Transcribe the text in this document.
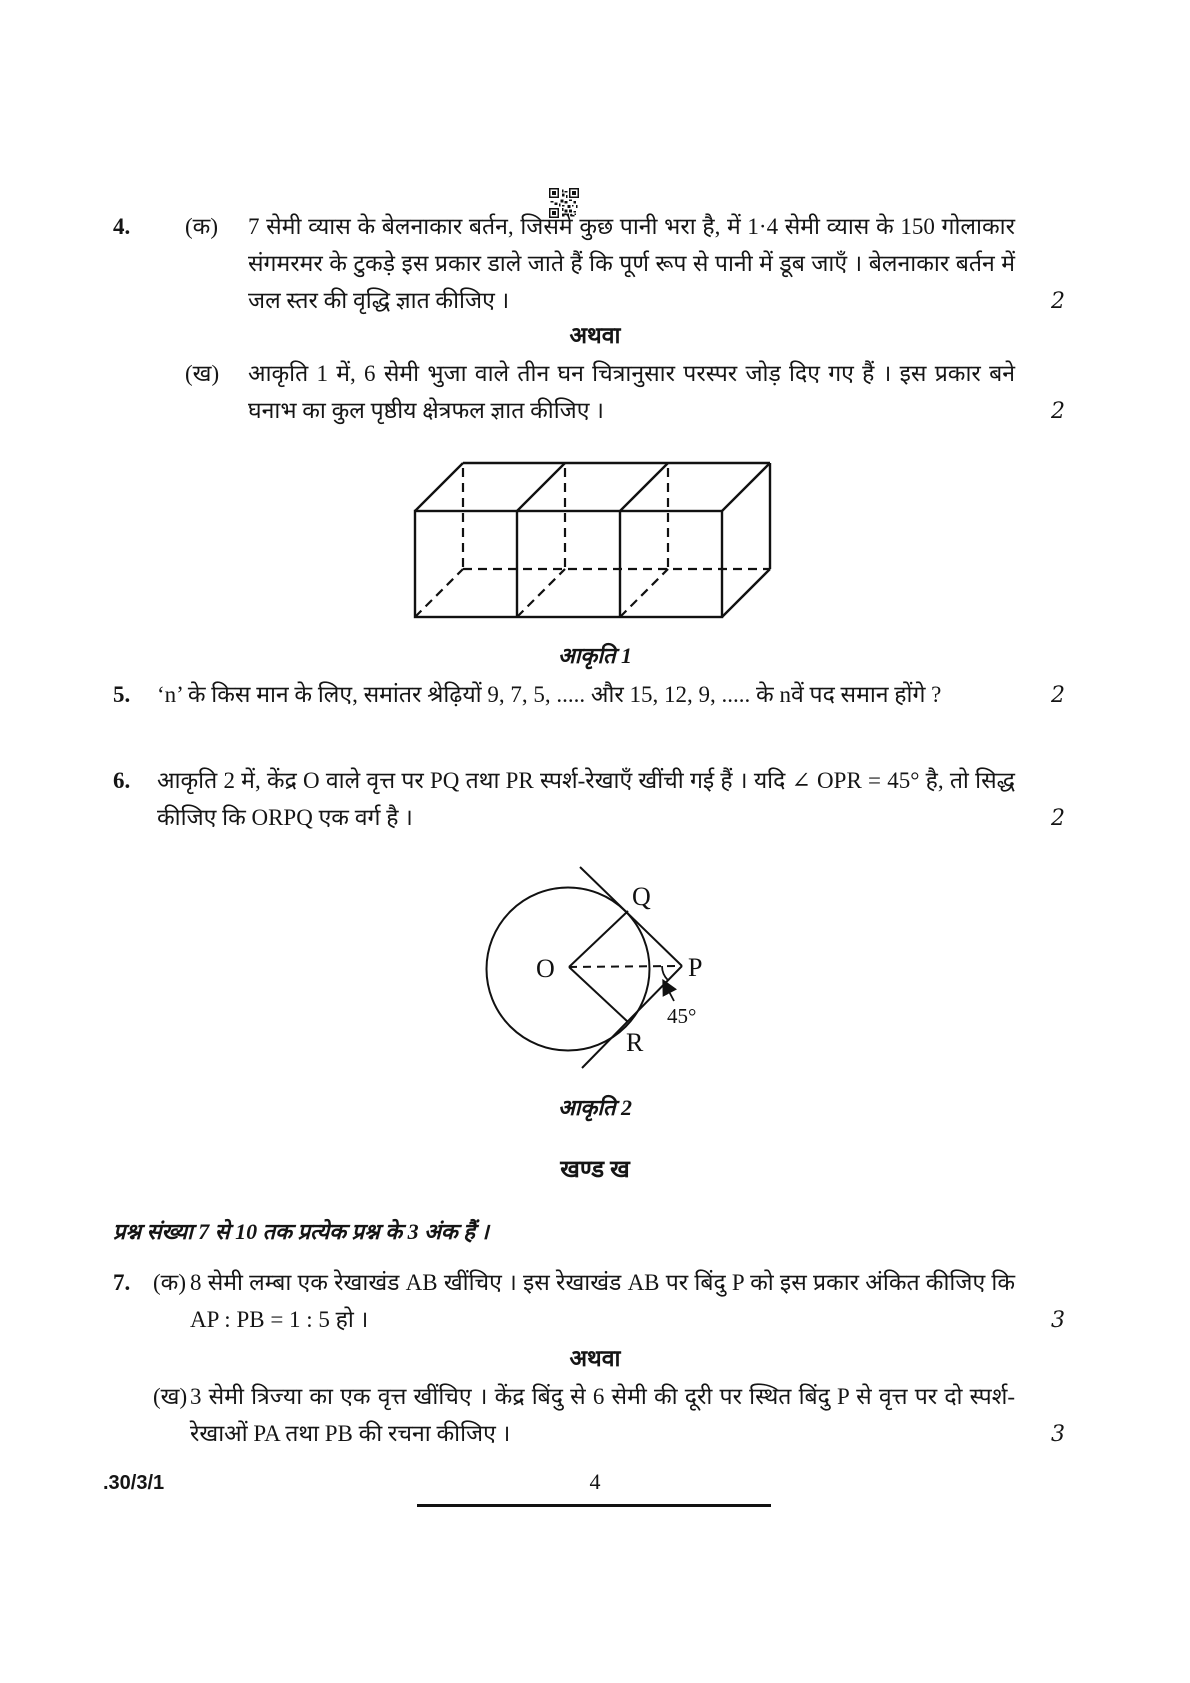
4.	(क)	7 सेमी व्यास के बेलनाकार बर्तन, जिसमें कुछ पानी भरा है, में 1·4 सेमी व्यास के 150 गोलाकार संगमरमर के टुकड़े इस प्रकार डाले जाते हैं कि पूर्ण रूप से पानी में डूब जाएँ । बेलनाकार बर्तन में जल स्तर की वृद्धि ज्ञात कीजिए ।	2
अथवा
(ख)	आकृति 1 में, 6 सेमी भुजा वाले तीन घन चित्रानुसार परस्पर जोड़ दिए गए हैं । इस प्रकार बने घनाभ का कुल पृष्ठीय क्षेत्रफल ज्ञात कीजिए ।	2
आकृति 1
5.	‘n’ के किस मान के लिए, समांतर श्रेढ़ियों 9, 7, 5, ..... और 15, 12, 9, ..... के nवें पद समान होंगे ?	2
6.	आकृति 2 में, केंद्र O वाले वृत्त पर PQ तथा PR स्पर्श-रेखाएँ खींची गई हैं । यदि ∠ OPR = 45° है, तो सिद्ध कीजिए कि ORPQ एक वर्ग है ।	2
O
Q
P
R
45°
आकृति 2
खण्ड ख
प्रश्न संख्या 7 से 10 तक प्रत्येक प्रश्न के 3 अंक हैं ।
7. (क) 8 सेमी लम्बा एक रेखाखंड AB खींचिए । इस रेखाखंड AB पर बिंदु P को इस प्रकार अंकित कीजिए कि AP : PB = 1 : 5 हो ।	3
अथवा
(ख) 3 सेमी त्रिज्या का एक वृत्त खींचिए । केंद्र बिंदु से 6 सेमी की दूरी पर स्थित बिंदु P से वृत्त पर दो स्पर्श-रेखाओं PA तथा PB की रचना कीजिए ।	3
.30/3/1	4
